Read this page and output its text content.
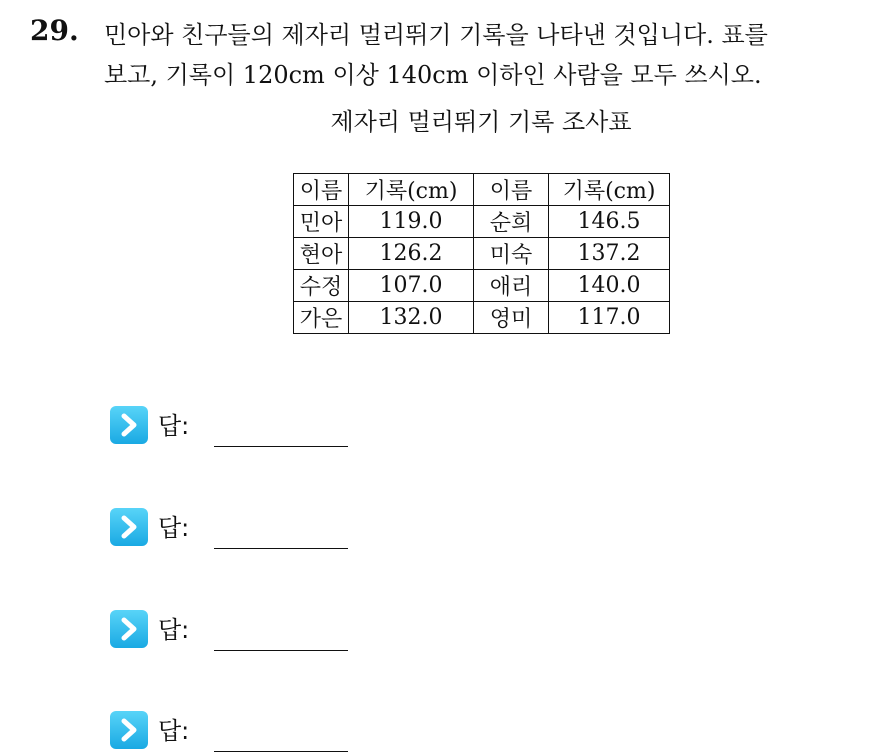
29. 민아와 친구들의 제자리 멀리뛰기 기록을 나타낸 것입니다. 표를
보고, 기록이 120cm 이상 140cm 이하인 사람을 모두 쓰시오.
제자리 멀리뛰기 기록 조사표
이름	기록(cm)	이름	기록(cm)
민아	119.0	순희	146.5
현아	126.2	미숙	137.2
수정	107.0	애리	140.0
가은	132.0	영미	117.0
답:
답:
답:
답:
